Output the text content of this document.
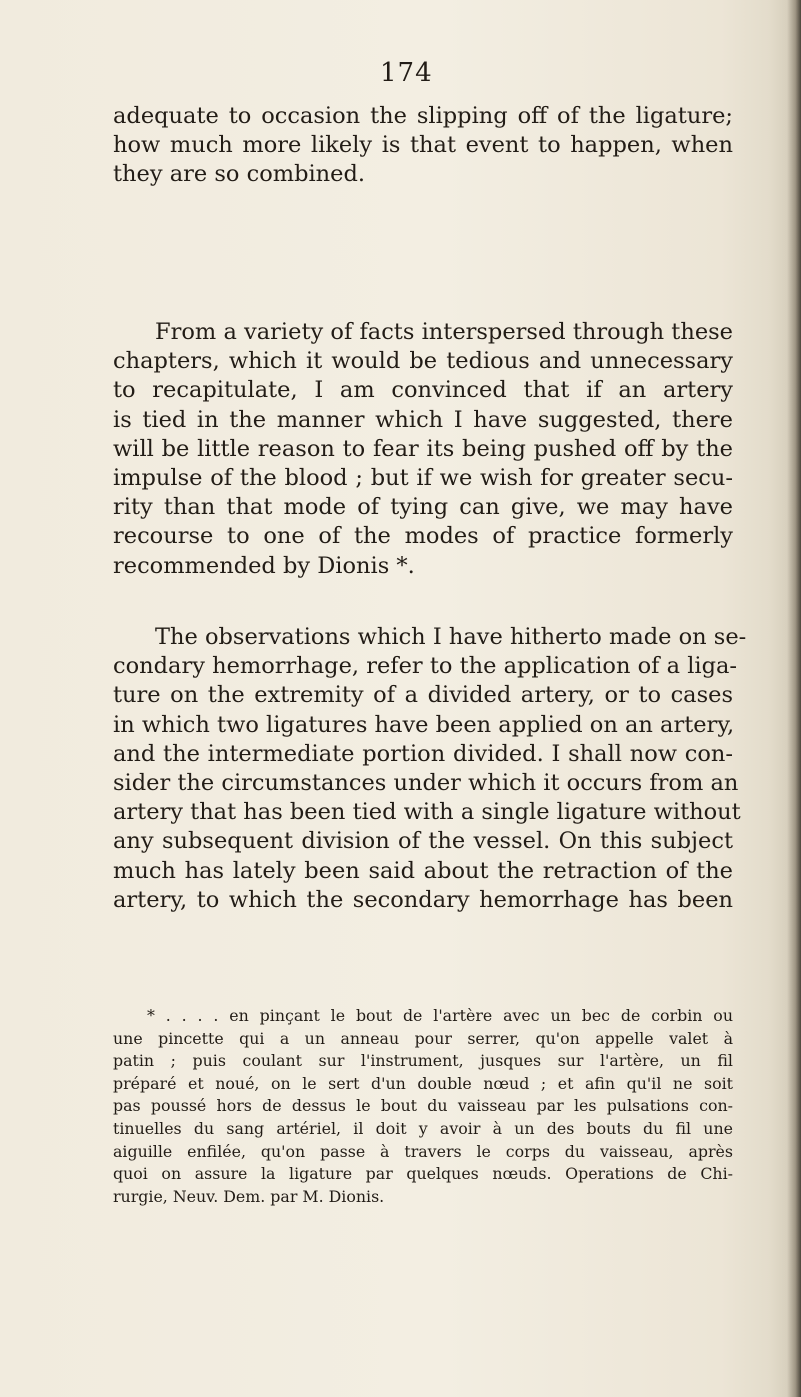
174
adequate to occasion the slipping off of the ligature;
how much more likely is that event to happen, when
they are so combined.
From a variety of facts interspersed through these
chapters, which it would be tedious and unnecessary
to recapitulate, I am convinced that if an artery
is tied in the manner which I have suggested, there
will be little reason to fear its being pushed off by the
impulse of the blood ; but if we wish for greater secu-
rity than that mode of tying can give, we may have
recourse to one of the modes of practice formerly
recommended by Dionis *.
The observations which I have hitherto made on se-
condary hemorrhage, refer to the application of a liga-
ture on the extremity of a divided artery, or to cases
in which two ligatures have been applied on an artery,
and the intermediate portion divided. I shall now con-
sider the circumstances under which it occurs from an
artery that has been tied with a single ligature without
any subsequent division of the vessel. On this subject
much has lately been said about the retraction of the
artery, to which the secondary hemorrhage has been
* . . . . en pinçant le bout de l'artère avec un bec de corbin ou
une pincette qui a un anneau pour serrer, qu'on appelle valet à
patin ; puis coulant sur l'instrument, jusques sur l'artère, un fil
préparé et noué, on le sert d'un double nœud ; et afin qu'il ne soit
pas poussé hors de dessus le bout du vaisseau par les pulsations con-
tinuelles du sang artériel, il doit y avoir à un des bouts du fil une
aiguille enfilée, qu'on passe à travers le corps du vaisseau, après
quoi on assure la ligature par quelques nœuds. Operations de Chi-
rurgie, Neuv. Dem. par M. Dionis.
